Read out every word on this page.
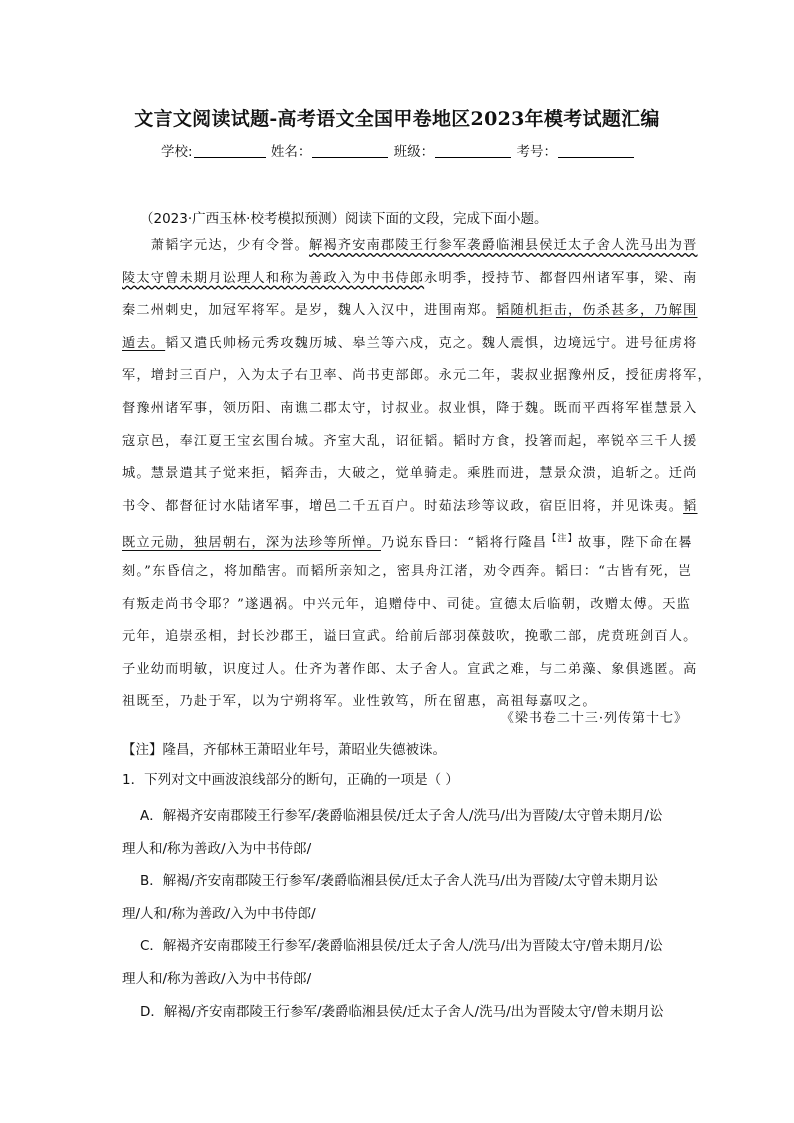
文言文阅读试题-高考语文全国甲卷地区2023年模考试题汇编
学校:	姓名：	班级：	考号：
（2023·广西玉林·校考模拟预测）阅读下面的文段，完成下面小题。
　　萧韬字元达，少有令誉。解褐齐安南郡陵王行参军袭爵临湘县侯迁太子舍人洗马出为晋
陵太守曾未期月讼理人和称为善政入为中书侍郎永明季，授持节、都督四州诸军事，梁、南
秦二州刺史，加冠军将军。是岁，魏人入汉中，进围南郑。韬随机拒击，伤杀甚多，乃解围
遁去。韬又遣氏帅杨元秀攻魏历城、皋兰等六戍，克之。魏人震惧，边境远宁。进号征虏将
军，增封三百户，入为太子右卫率、尚书吏部郎。永元二年，裴叔业据豫州反，授征虏将军，
督豫州诸军事，领历阳、南谯二郡太守，讨叔业。叔业惧，降于魏。既而平西将军崔慧景入
寇京邑，奉江夏王宝玄围台城。齐室大乱，诏征韬。韬时方食，投箸而起，率锐卒三千人援
城。慧景遣其子觉来拒，韬奔击，大破之，觉单骑走。乘胜而进，慧景众溃，追斩之。迁尚
书令、都督征讨水陆诸军事，增邑二千五百户。时茹法珍等议政，宿臣旧将，并见诛夷。韬
既立元勋，独居朝右，深为法珍等所惮。乃说东昏曰：“韬将行隆昌$^{【注】}$故事，陛下命在晷
刻。”东昏信之，将加酷害。而韬所亲知之，密具舟江渚，劝令西奔。韬曰：“古皆有死，岂
有叛走尚书令耶？”遂遇祸。中兴元年，追赠侍中、司徒。宣德太后临朝，改赠太傅。天监
元年，追崇丞相，封长沙郡王，谥曰宣武。给前后部羽葆鼓吹，挽歌二部，虎贲班剑百人。
子业幼而明敏，识度过人。仕齐为著作郎、太子舍人。宣武之难，与二弟藻、象俱逃匿。高
祖既至，乃赴于军，以为宁朔将军。业性敦笃，所在留惠，高祖每嘉叹之。
《梁书卷二十三·列传第十七》
【注】隆昌，齐郁林王萧昭业年号，萧昭业失德被诛。
1．下列对文中画波浪线部分的断句，正确的一项是（ ）
A．解褐齐安南郡陵王行参军/袭爵临湘县侯/迁太子舍人/洗马/出为晋陵/太守曾未期月/讼
理人和/称为善政/入为中书侍郎/
B．解褐/齐安南郡陵王行参军/袭爵临湘县侯/迁太子舍人洗马/出为晋陵/太守曾未期月讼
理/人和/称为善政/入为中书侍郎/
C．解褐齐安南郡陵王行参军/袭爵临湘县侯/迁太子舍人/洗马/出为晋陵太守/曾未期月/讼
理人和/称为善政/入为中书侍郎/
D．解褐/齐安南郡陵王行参军/袭爵临湘县侯/迁太子舍人/洗马/出为晋陵太守/曾未期月讼
